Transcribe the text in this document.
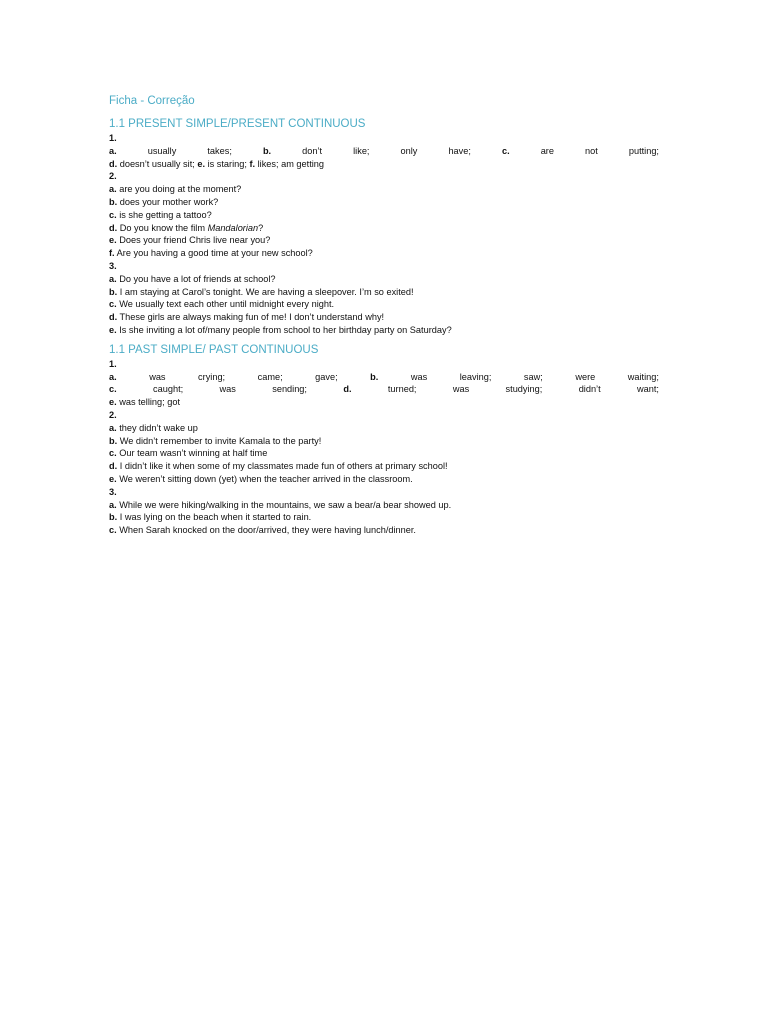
Ficha - Correção
1.1 PRESENT SIMPLE/PRESENT CONTINUOUS

1.

a.	usually	takes;	b.	don’t	like;	only	have;	c.	are	not	putting;

d. doesn’t usually sit; e. is staring; f. likes; am getting

2.

a. are you doing at the moment?

b. does your mother work?

c. is she getting a tattoo?

d. Do you know the film Mandalorian?

e. Does your friend Chris live near you?

f. Are you having a good time at your new school?

3.

a. Do you have a lot of friends at school?

b. I am staying at Carol’s tonight. We are having a sleepover. I’m so exited!

c. We usually text each other until midnight every night.

d. These girls are always making fun of me! I don’t understand why!

e. Is she inviting a lot of/many people from school to her birthday party on Saturday?

1.1 PAST SIMPLE/ PAST CONTINUOUS

1.

a.	was	crying;	came;	gave;	b.	was	leaving;	saw;	were	waiting;

c.	caught;	was	sending;	d.	turned;	was	studying;	didn’t	want;

e. was telling; got

2.

a. they didn’t wake up

b. We didn’t remember to invite Kamala to the party!

c. Our team wasn’t winning at half time

d. I didn’t like it when some of my classmates made fun of others at primary school!

e. We weren’t sitting down (yet) when the teacher arrived in the classroom.

3.

a. While we were hiking/walking in the mountains, we saw a bear/a bear showed up.

b. I was lying on the beach when it started to rain.

c. When Sarah knocked on the door/arrived, they were having lunch/dinner.
